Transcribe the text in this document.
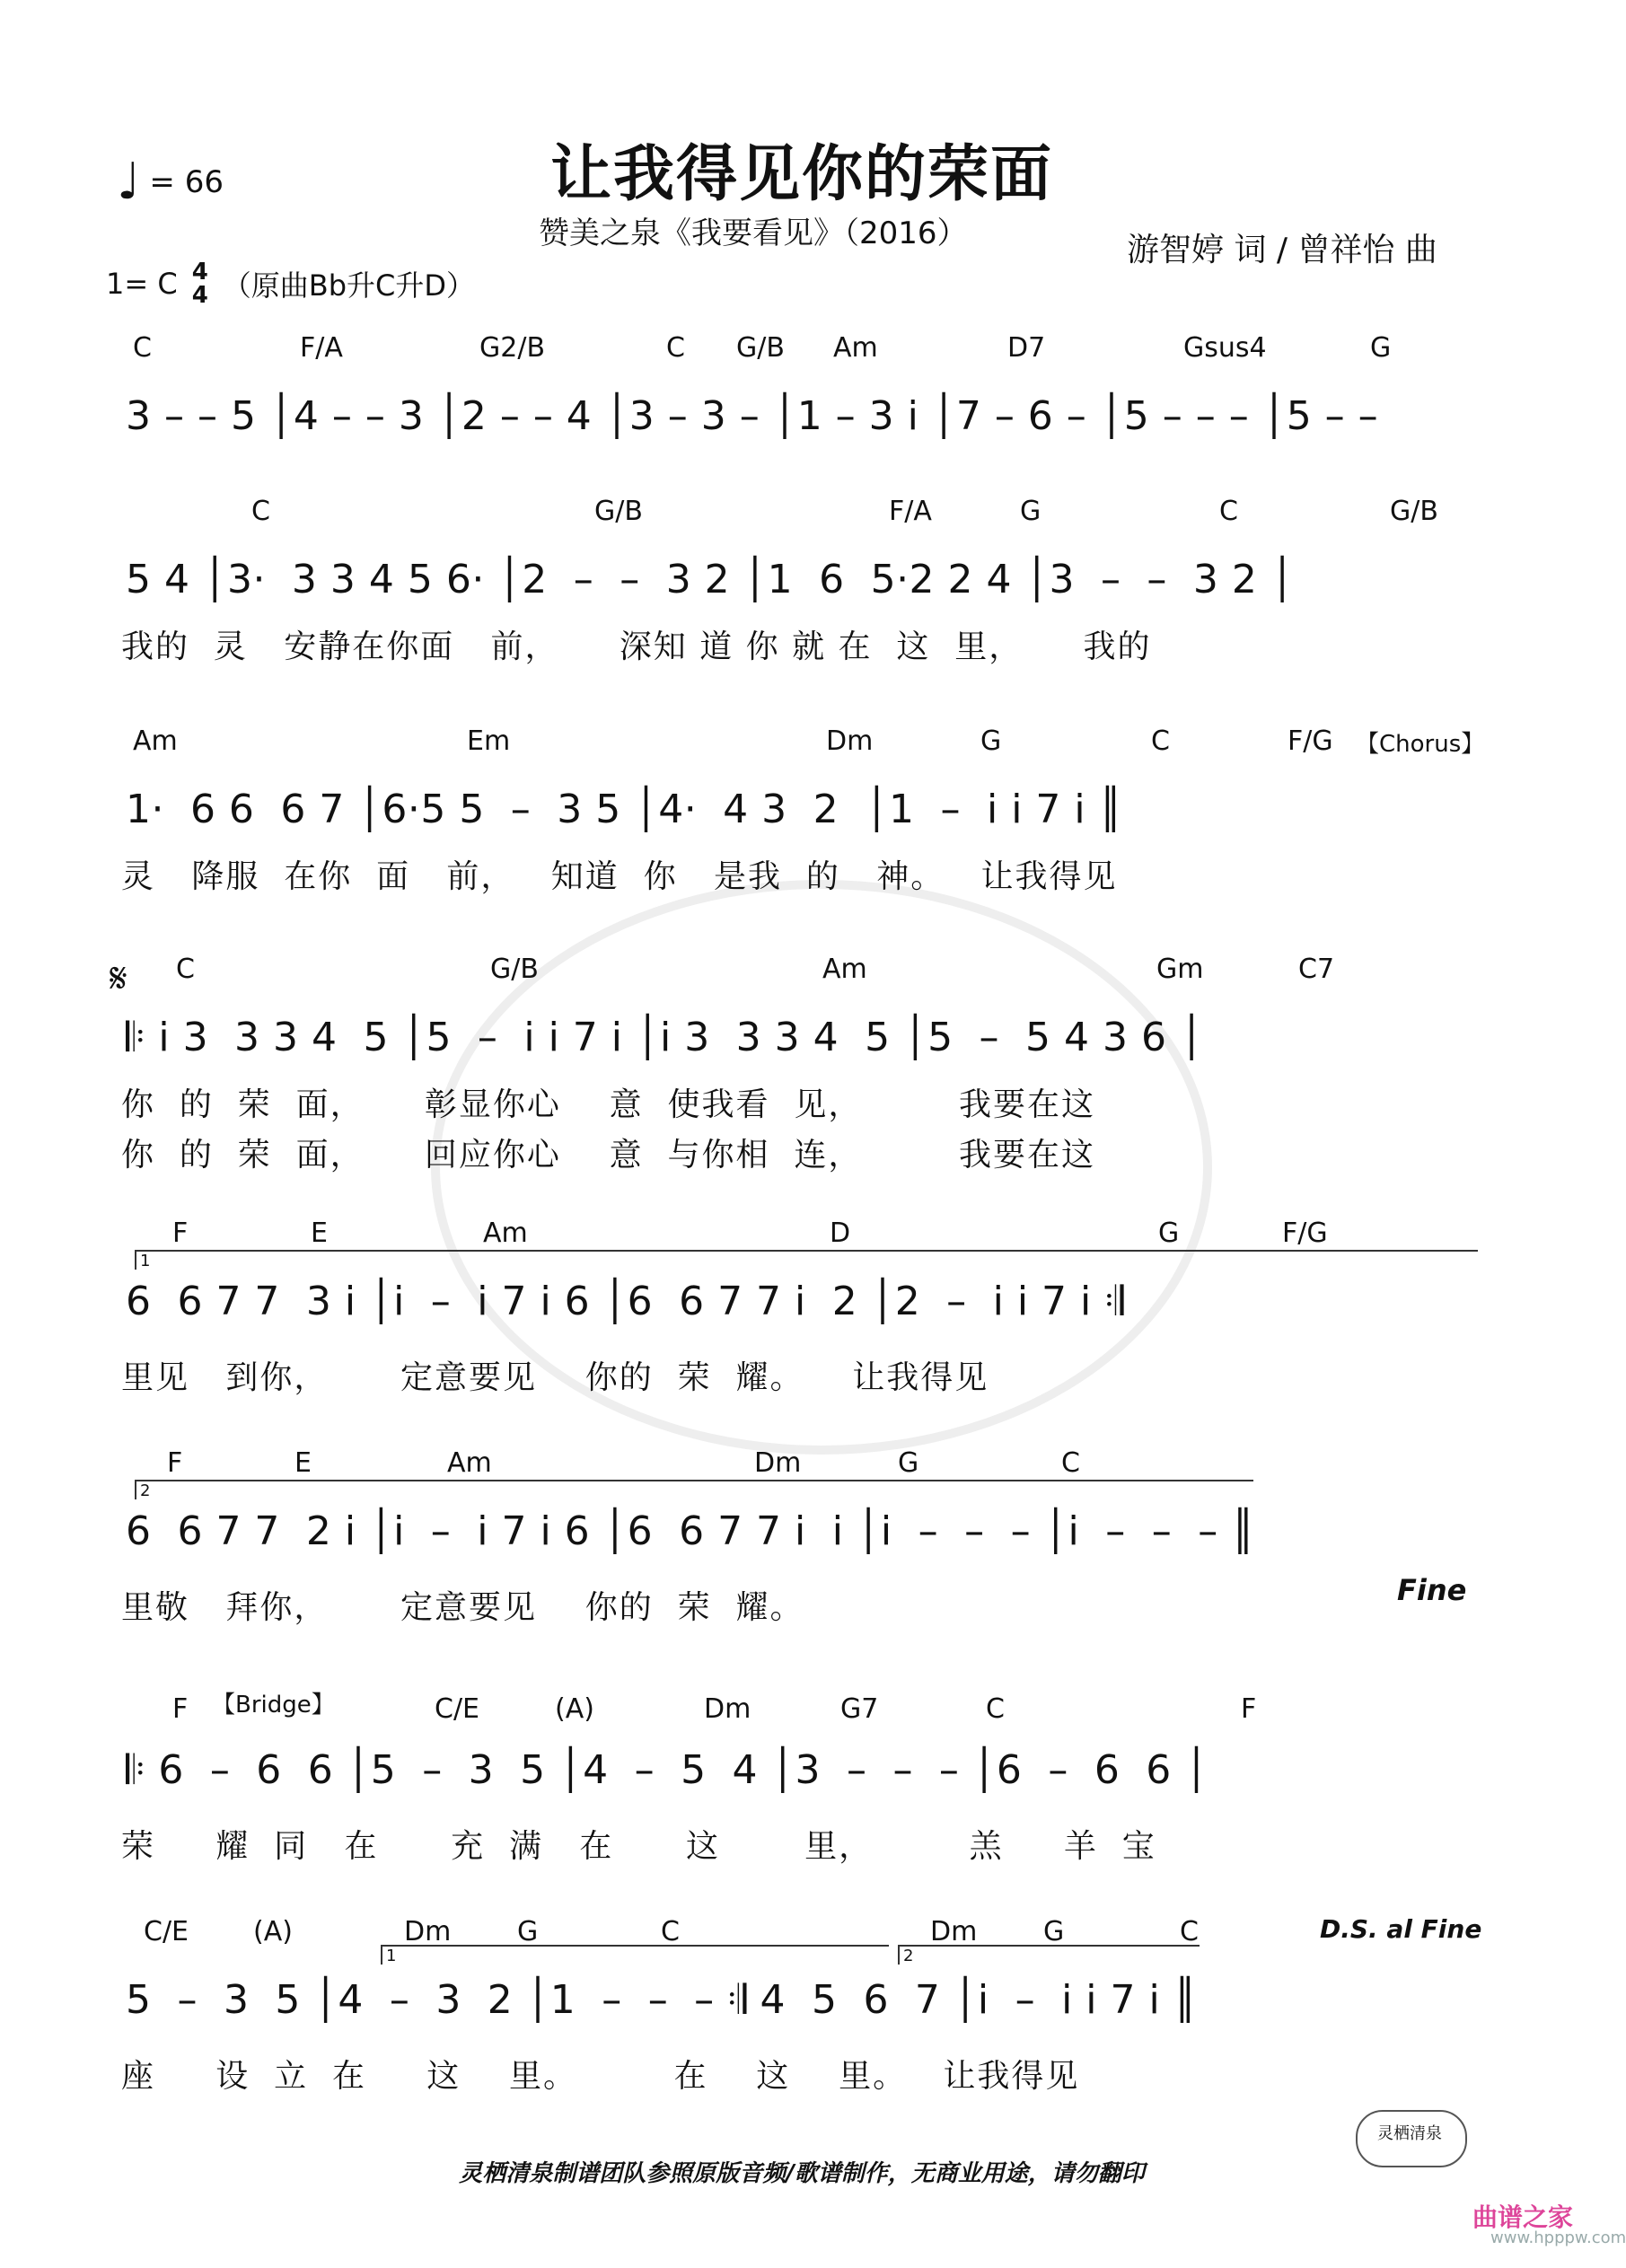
让我得见你的荣面
赞美之泉《我要看见》（2016）	游智婷 词 / 曾祥怡 曲
♩ = 66
1= C 4
4 （原曲Bb升C升D）
C	F/A	G2/B	C G/B Am	D7	Gsus4	G
3 – – 5 │4 – – 3 │2 – – 4 │3 – 3 – │1 – 3 i │7 – 6 – │5 – – – │5 – –
C	G/B	F/A	G	C	G/B
5 4 │3·  3 3 4 5 6· │2  –  –  3 2 │1  6  5·2 2 4 │3  –  –  3 2 │
我的  灵   安静在你面   前，     深知 道 你 就 在  这  里，     我的
Am	Em	Dm	G	C	F/G 【Chorus】
1·  6 6  6 7 │6·5 5  –  3 5 │4·  4 3  2  │1  –  i i 7 i ║
灵   降服  在你  面   前，   知道  你   是我  的   神。   让我得见
𝄋 C	G/B	Am	Gm	C7
𝄆 i 3  3 3 4  5 │5  –  i i 7 i │i 3  3 3 4  5 │5  –  5 4 3 6 │
你  的  荣  面，     彰显你心    意  使我看  见，        我要在这
你  的  荣  面，     回应你心    意  与你相  连，        我要在这
F	E	Am	D	G	F/G
1
6  6 7 7  3 i │i  –  i 7 i 6 │6  6 7 7 i  2 │2  –  i i 7 i 𝄇
里见   到你，      定意要见    你的  荣  耀。    让我得见
F	E	Am	Dm	G	C
2
6  6 7 7  2 i │i  –  i 7 i 6 │6  6 7 7 i  i │i  –  –  – │i  –  –  – ║
里敬   拜你，      定意要见    你的  荣  耀。	Fine
【Bridge】
F	C/E	(A)	Dm	G7	C	F
𝄆 6  –  6  6 │5  –  3  5 │4  –  5  4 │3  –  –  – │6  –  6  6 │
荣     耀  同   在      充  满   在      这       里，        羔     羊  宝
C/E (A)	Dm G	C	Dm G	C	D.S. al Fine
1	2
5  –  3  5 │4  –  3  2 │1  –  –  – 𝄇 4  5  6  7 │i  –  i i 7 i ║
座     设  立  在     这    里。        在    这    里。   让我得见
灵栖清泉
灵栖清泉制谱团队参照原版音频/歌谱制作，无商业用途，请勿翻印
曲谱之家
www.hpppw.com
